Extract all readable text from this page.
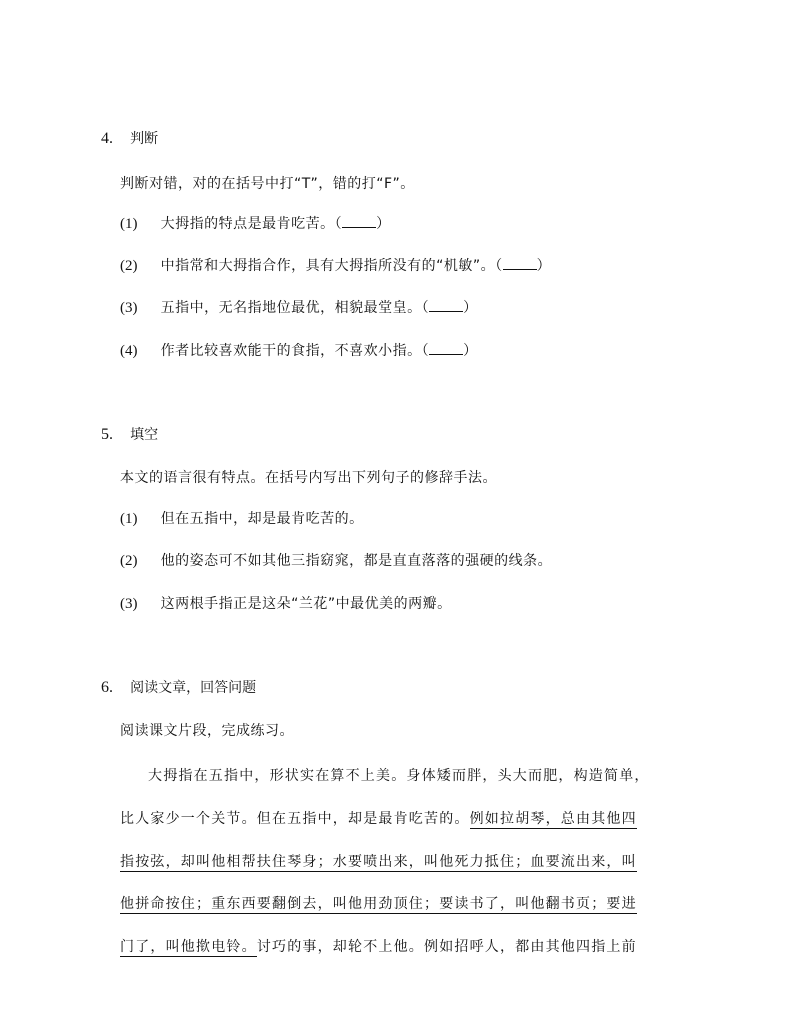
4. 判断
判断对错，对的在括号中打“T”，错的打“F”。
(1) 大拇指的特点是最肯吃苦。（ ）
(2) 中指常和大拇指合作，具有大拇指所没有的“机敏”。（ ）
(3) 五指中，无名指地位最优，相貌最堂皇。（ ）
(4) 作者比较喜欢能干的食指，不喜欢小指。（ ）
5. 填空
本文的语言很有特点。在括号内写出下列句子的修辞手法。
(1) 但在五指中，却是最肯吃苦的。
(2) 他的姿态可不如其他三指窈窕，都是直直落落的强硬的线条。
(3) 这两根手指正是这朵“兰花”中最优美的两瓣。
6. 阅读文章，回答问题
阅读课文片段，完成练习。
大拇指在五指中，形状实在算不上美。身体矮而胖，头大而肥，构造简单，
比人家少一个关节。但在五指中，却是最肯吃苦的。例如拉胡琴，总由其他四
指按弦，却叫他相帮扶住琴身；水要喷出来，叫他死力抵住；血要流出来，叫
他拼命按住；重东西要翻倒去，叫他用劲顶住；要读书了，叫他翻书页；要进
门了，叫他揿电铃。讨巧的事，却轮不上他。例如招呼人，都由其他四指上前
